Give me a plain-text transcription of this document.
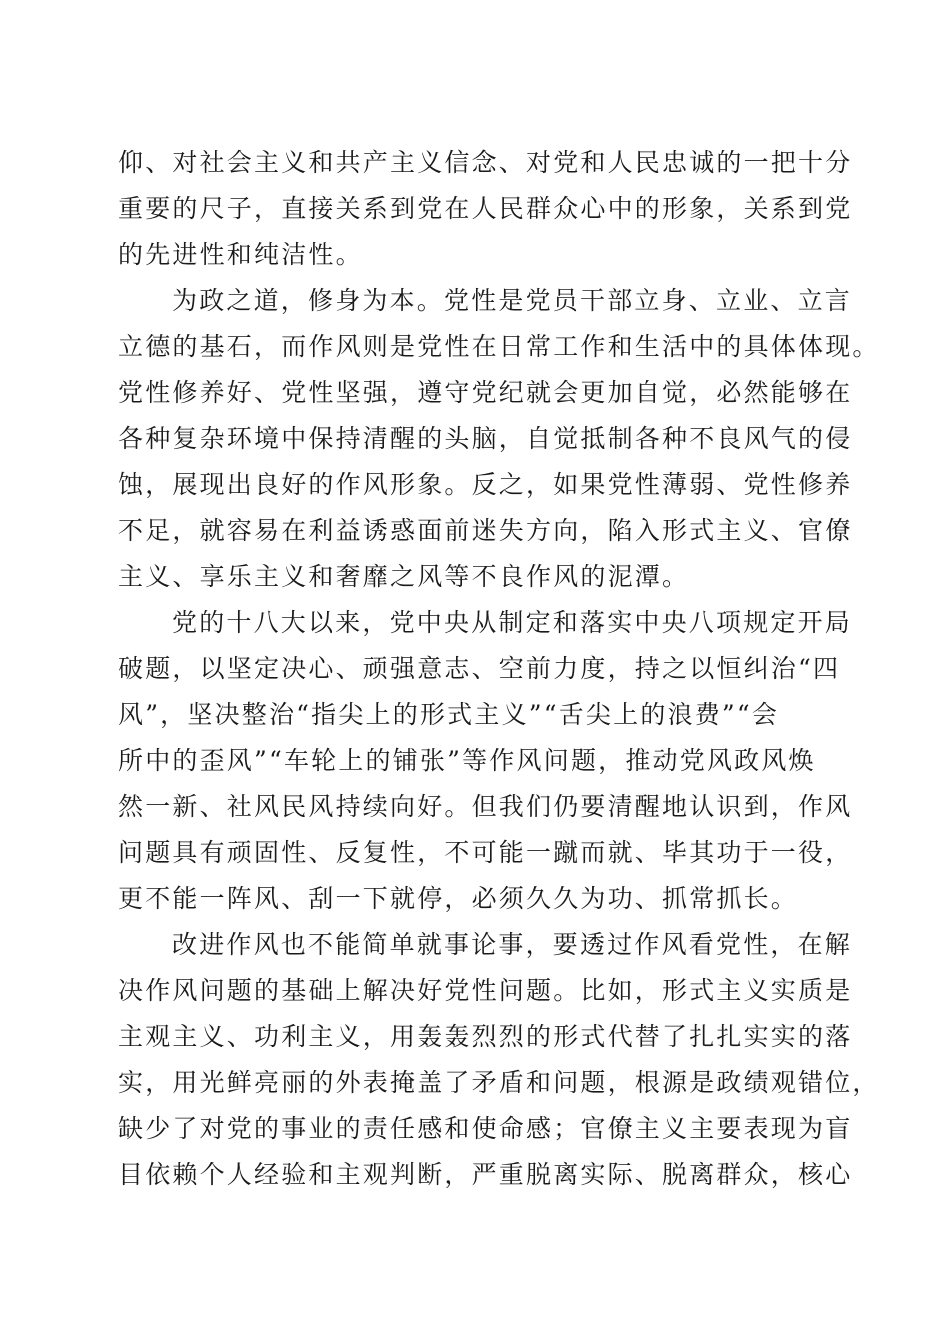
仰、对社会主义和共产主义信念、对党和人民忠诚的一把十分
重要的尺子，直接关系到党在人民群众心中的形象，关系到党
的先进性和纯洁性。
为政之道，修身为本。党性是党员干部立身、立业、立言
立德的基石，而作风则是党性在日常工作和生活中的具体体现。
党性修养好、党性坚强，遵守党纪就会更加自觉，必然能够在
各种复杂环境中保持清醒的头脑，自觉抵制各种不良风气的侵
蚀，展现出良好的作风形象。反之，如果党性薄弱、党性修养
不足，就容易在利益诱惑面前迷失方向，陷入形式主义、官僚
主义、享乐主义和奢靡之风等不良作风的泥潭。
党的十八大以来，党中央从制定和落实中央八项规定开局
破题，以坚定决心、顽强意志、空前力度，持之以恒纠治“四
风”，坚决整治“指尖上的形式主义”“舌尖上的浪费”“会
所中的歪风”“车轮上的铺张”等作风问题，推动党风政风焕
然一新、社风民风持续向好。但我们仍要清醒地认识到，作风
问题具有顽固性、反复性，不可能一蹴而就、毕其功于一役，
更不能一阵风、刮一下就停，必须久久为功、抓常抓长。
改进作风也不能简单就事论事，要透过作风看党性，在解
决作风问题的基础上解决好党性问题。比如，形式主义实质是
主观主义、功利主义，用轰轰烈烈的形式代替了扎扎实实的落
实，用光鲜亮丽的外表掩盖了矛盾和问题，根源是政绩观错位，
缺少了对党的事业的责任感和使命感；官僚主义主要表现为盲
目依赖个人经验和主观判断，严重脱离实际、脱离群众，核心
